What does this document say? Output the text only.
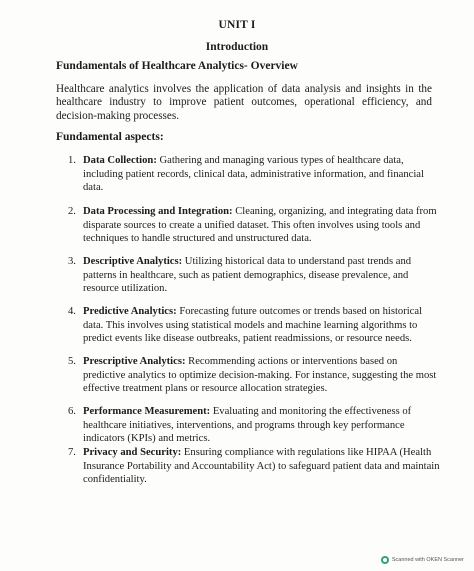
UNIT I
Introduction
Fundamentals of Healthcare Analytics- Overview
Healthcare analytics involves the application of data analysis and insights in the healthcare industry to improve patient outcomes, operational efficiency, and decision-making processes.
Fundamental aspects:
1. Data Collection: Gathering and managing various types of healthcare data, including patient records, clinical data, administrative information, and financial data.
2. Data Processing and Integration: Cleaning, organizing, and integrating data from disparate sources to create a unified dataset. This often involves using tools and techniques to handle structured and unstructured data.
3. Descriptive Analytics: Utilizing historical data to understand past trends and patterns in healthcare, such as patient demographics, disease prevalence, and resource utilization.
4. Predictive Analytics: Forecasting future outcomes or trends based on historical data. This involves using statistical models and machine learning algorithms to predict events like disease outbreaks, patient readmissions, or resource needs.
5. Prescriptive Analytics: Recommending actions or interventions based on predictive analytics to optimize decision-making. For instance, suggesting the most effective treatment plans or resource allocation strategies.
6. Performance Measurement: Evaluating and monitoring the effectiveness of healthcare initiatives, interventions, and programs through key performance indicators (KPIs) and metrics.
7. Privacy and Security: Ensuring compliance with regulations like HIPAA (Health Insurance Portability and Accountability Act) to safeguard patient data and maintain confidentiality.
Scanned with OKEN Scanner
